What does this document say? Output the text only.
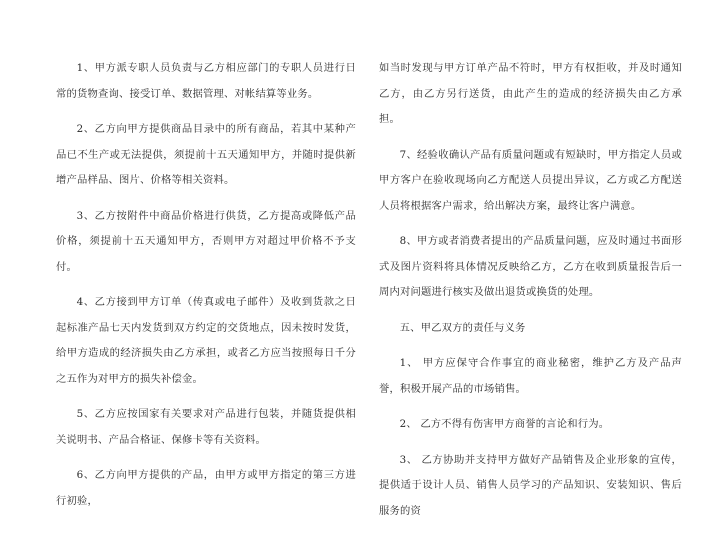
1、甲方派专职人员负责与乙方相应部门的专职人员进行日常的货物查询、接受订单、数据管理、对帐结算等业务。

2、乙方向甲方提供商品目录中的所有商品，若其中某种产品已不生产或无法提供，须提前十五天通知甲方，并随时提供新增产品样品、图片、价格等相关资料。

3、乙方按附件中商品价格进行供货，乙方提高或降低产品价格，须提前十五天通知甲方，否则甲方对超过甲价格不予支付。

4、乙方接到甲方订单（传真或电子邮件）及收到货款之日起标准产品七天内发货到双方约定的交货地点，因未按时发货，给甲方造成的经济损失由乙方承担，或者乙方应当按照每日千分之五作为对甲方的损失补偿金。

5、乙方应按国家有关要求对产品进行包装，并随货提供相关说明书、产品合格证、保修卡等有关资料。

6、乙方向甲方提供的产品，由甲方或甲方指定的第三方进行初验，

如当时发现与甲方订单产品不符时，甲方有权拒收，并及时通知乙方，由乙方另行送货，由此产生的造成的经济损失由乙方承担。

7、经验收确认产品有质量问题或有短缺时，甲方指定人员或甲方客户在验收现场向乙方配送人员提出异议，乙方或乙方配送人员将根据客户需求，给出解决方案，最终让客户满意。

8、甲方或者消费者提出的产品质量问题，应及时通过书面形式及图片资料将具体情况反映给乙方，乙方在收到质量报告后一周内对问题进行核实及做出退货或换货的处理。

五、甲乙双方的责任与义务

1、 甲方应保守合作事宜的商业秘密，维护乙方及产品声誉，积极开展产品的市场销售。

2、 乙方不得有伤害甲方商誉的言论和行为。

3、 乙方协助并支持甲方做好产品销售及企业形象的宣传，提供适于设计人员、销售人员学习的产品知识、安装知识、售后服务的资
